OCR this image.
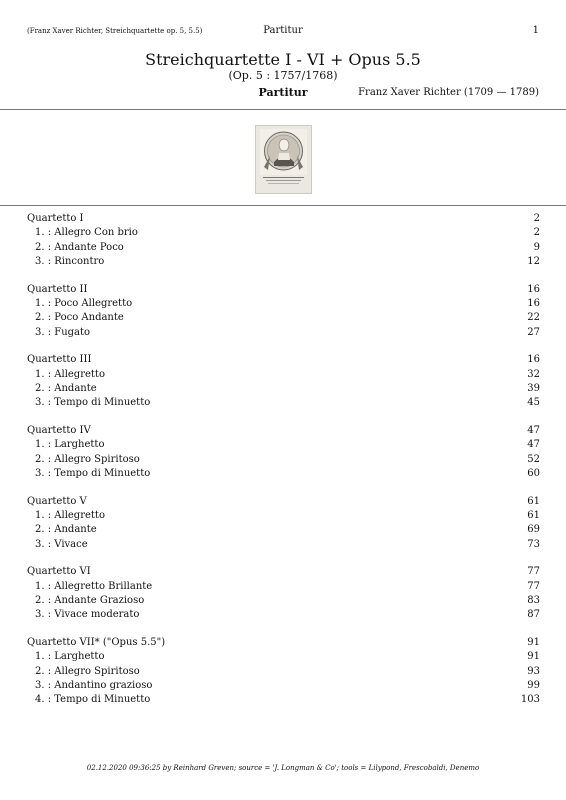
(Franz Xaver Richter, Streichquartette op. 5, 5.5)	Partitur	1
Streichquartette I - VI + Opus 5.5
(Op. 5 : 1757/1768)
Partitur	Franz Xaver Richter (1709 — 1789)
Quartetto I	2
1. : Allegro Con brio	2
2. : Andante Poco	9
3. : Rincontro	12
Quartetto II	16
1. : Poco Allegretto	16
2. : Poco Andante	22
3. : Fugato	27
Quartetto III	16
1. : Allegretto	32
2. : Andante	39
3. : Tempo di Minuetto	45
Quartetto IV	47
1. : Larghetto	47
2. : Allegro Spiritoso	52
3. : Tempo di Minuetto	60
Quartetto V	61
1. : Allegretto	61
2. : Andante	69
3. : Vivace	73
Quartetto VI	77
1. : Allegretto Brillante	77
2. : Andante Grazioso	83
3. : Vivace moderato	87
Quartetto VII* ("Opus 5.5")	91
1. : Larghetto	91
2. : Allegro Spiritoso	93
3. : Andantino grazioso	99
4. : Tempo di Minuetto	103
02.12.2020 09:36:25 by Reinhard Greven; source = 'J. Longman & Co'; tools = Lilypond, Frescobaldi, Denemo
